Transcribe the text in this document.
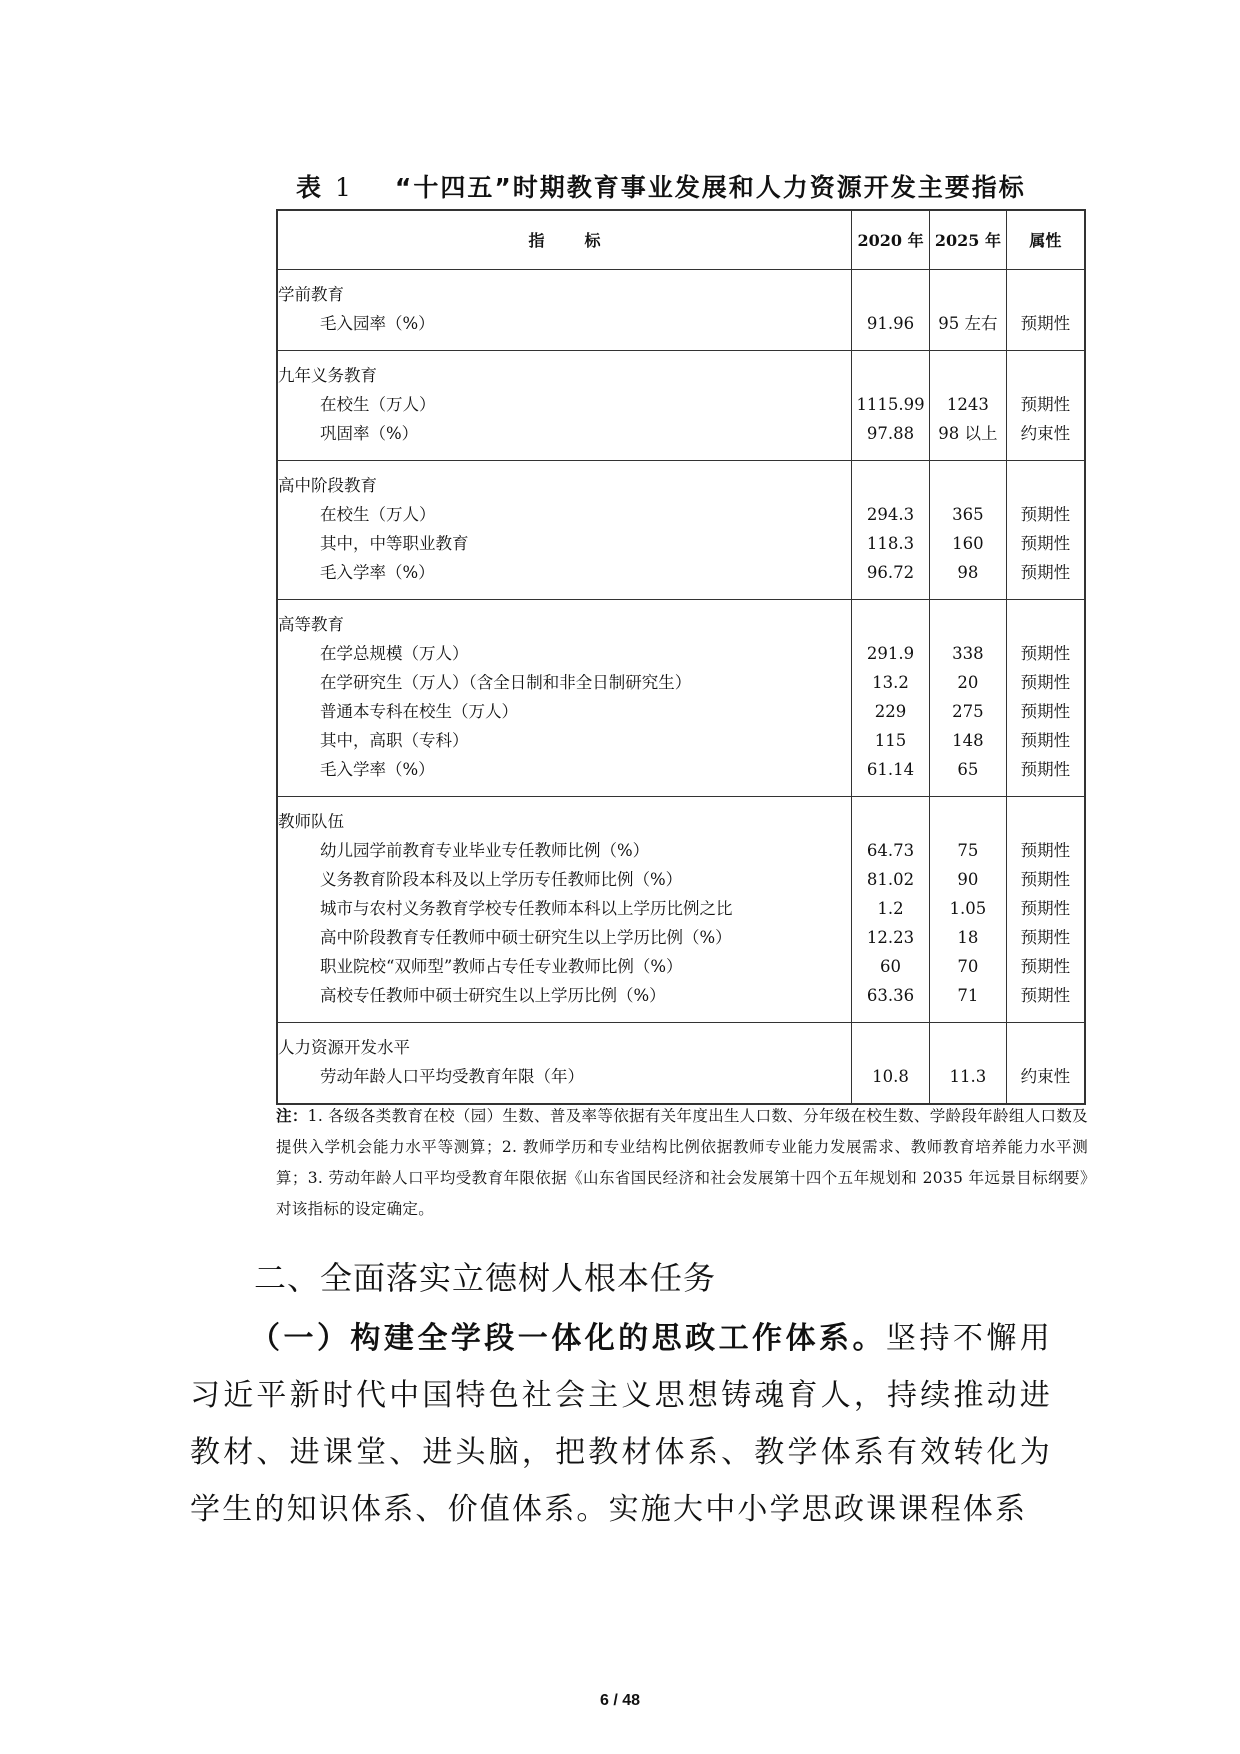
表 1 “十四五”时期教育事业发展和人力资源开发主要指标
指 标	2020 年	2025 年	属性

学前教育			
毛入园率（%）	91.96	95 左右	预期性

九年义务教育			
在校生（万人）	1115.99	1243	预期性
巩固率（%）	97.88	98 以上	约束性

高中阶段教育			
在校生（万人）	294.3	365	预期性
其中，中等职业教育	118.3	160	预期性
毛入学率（%）	96.72	98	预期性

高等教育			
在学总规模（万人）	291.9	338	预期性
在学研究生（万人）（含全日制和非全日制研究生）	13.2	20	预期性
普通本专科在校生（万人）	229	275	预期性
其中，高职（专科）	115	148	预期性
毛入学率（%）	61.14	65	预期性

教师队伍			
幼儿园学前教育专业毕业专任教师比例（%）	64.73	75	预期性
义务教育阶段本科及以上学历专任教师比例（%）	81.02	90	预期性
城市与农村义务教育学校专任教师本科以上学历比例之比	1.2	1.05	预期性
高中阶段教育专任教师中硕士研究生以上学历比例（%）	12.23	18	预期性
职业院校“双师型”教师占专任专业教师比例（%）	60	70	预期性
高校专任教师中硕士研究生以上学历比例（%）	63.36	71	预期性

人力资源开发水平			
劳动年龄人口平均受教育年限（年）	10.8	11.3	约束性

注：1. 各级各类教育在校（园）生数、普及率等依据有关年度出生人口数、分年级在校生数、学龄段年龄组人口数及提供入学机会能力水平等测算；2. 教师学历和专业结构比例依据教师专业能力发展需求、教师教育培养能力水平测算；3. 劳动年龄人口平均受教育年限依据《山东省国民经济和社会发展第十四个五年规划和 2035 年远景目标纲要》对该指标的设定确定。
二、全面落实立德树人根本任务
（一）构建全学段一体化的思政工作体系。坚持不懈用习近平新时代中国特色社会主义思想铸魂育人，持续推动进教材、进课堂、进头脑，把教材体系、教学体系有效转化为学生的知识体系、价值体系。实施大中小学思政课课程体系
6 / 48
